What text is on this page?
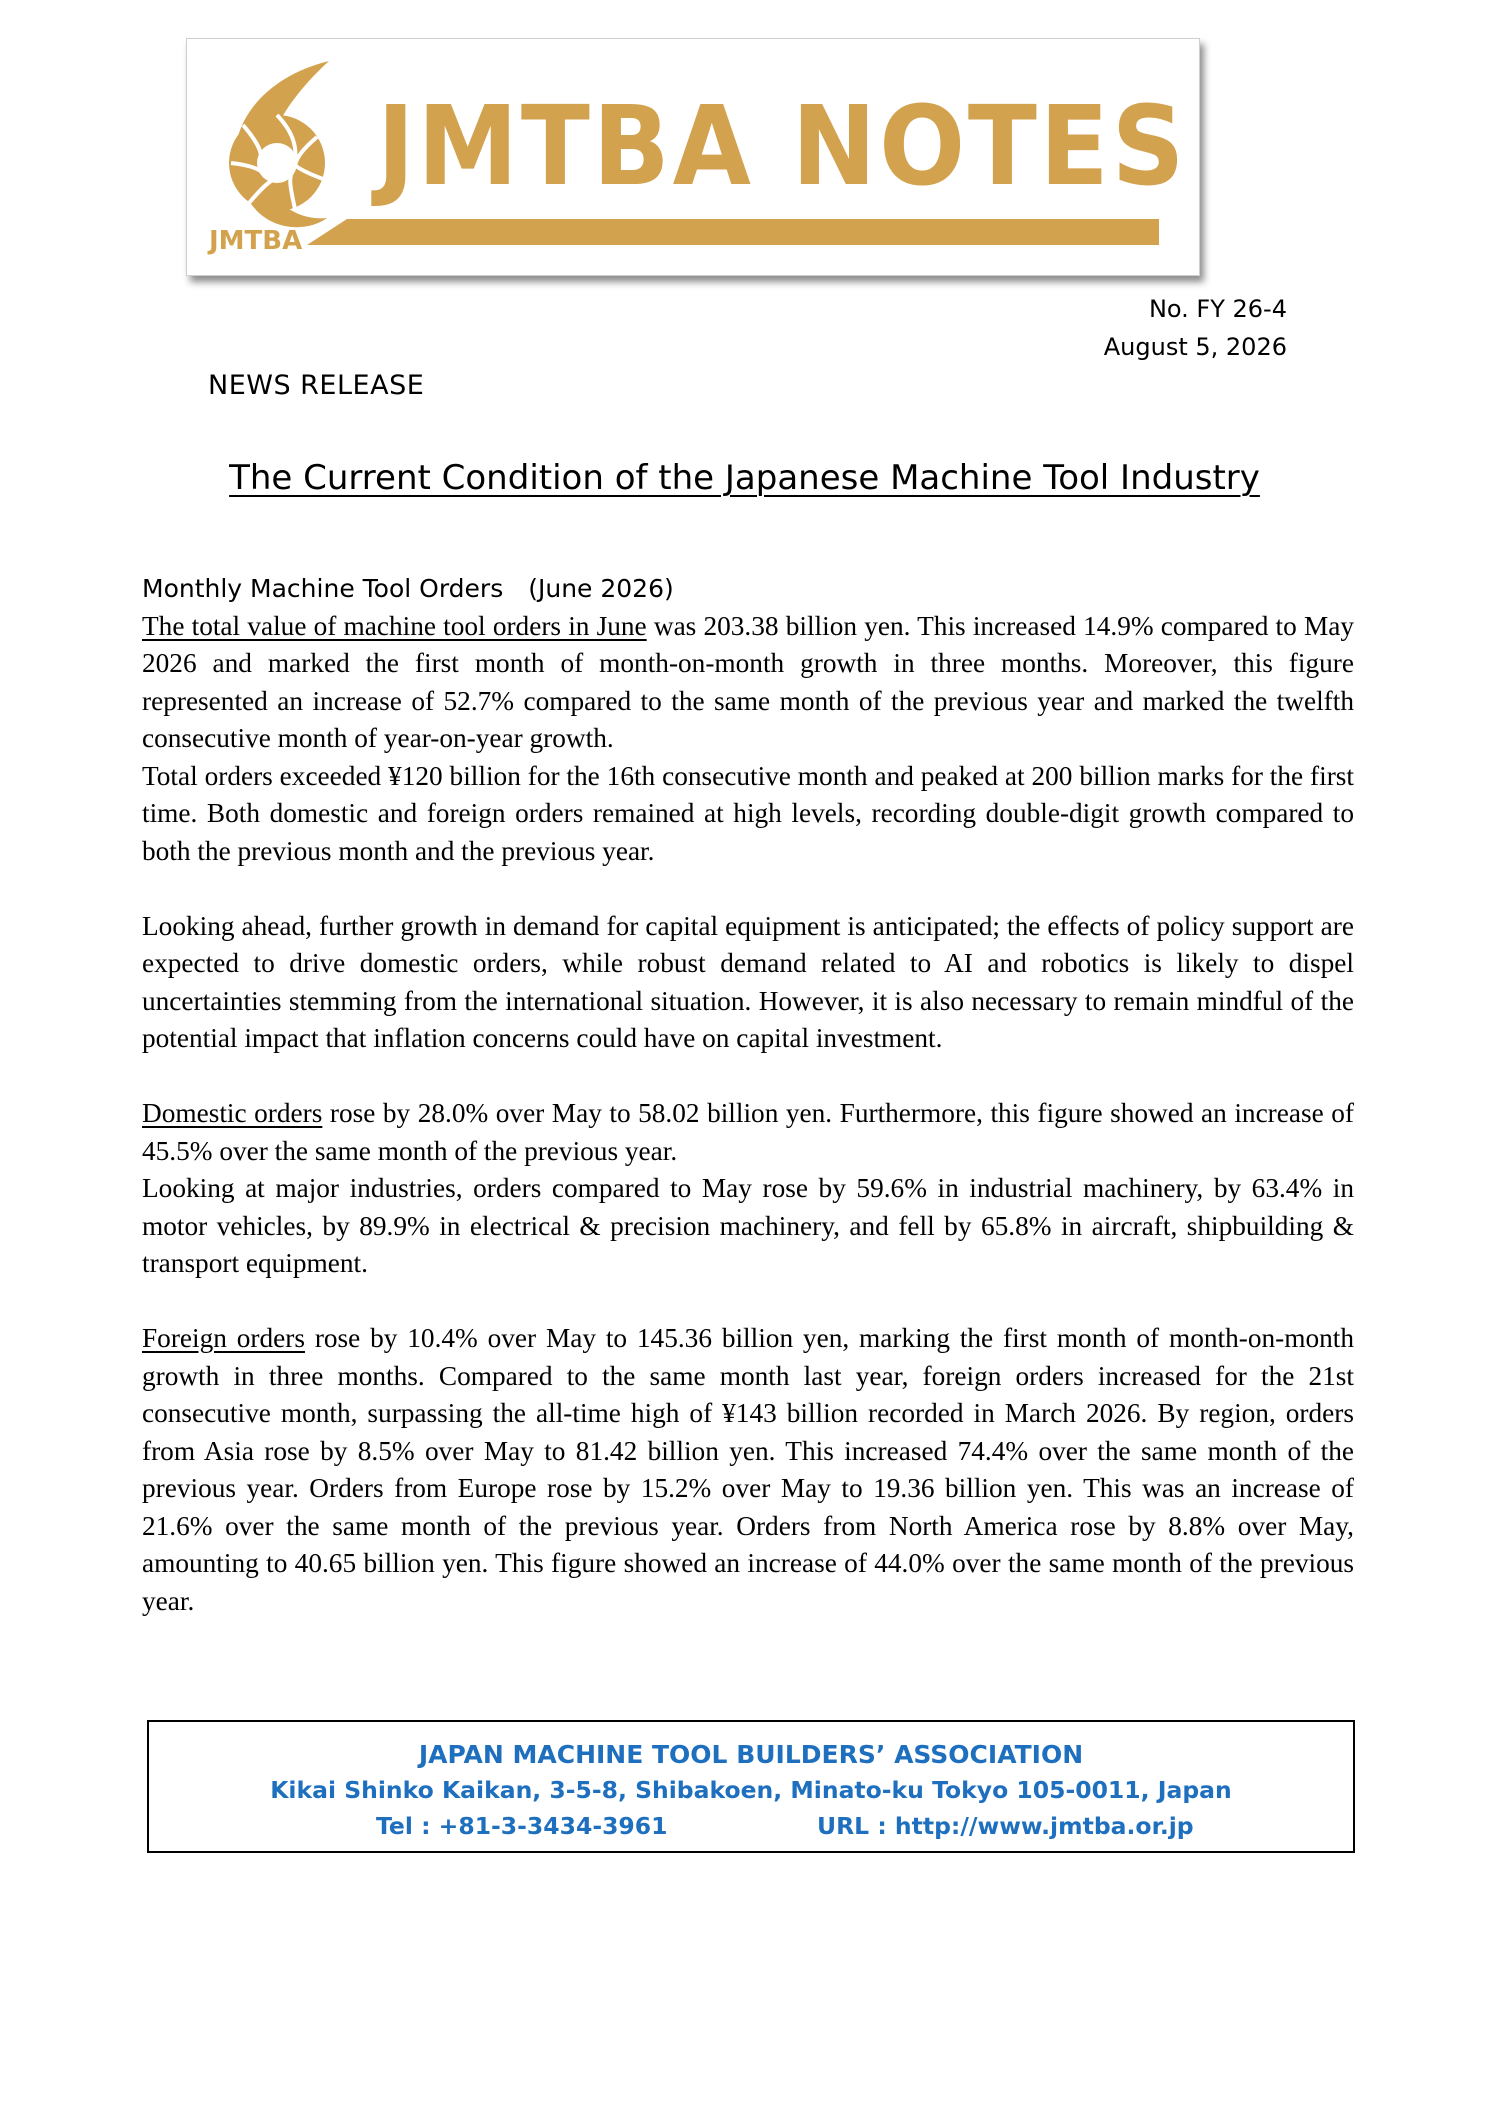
JMTBA
JMTBA NOTES
NEWS RELEASE
No. FY 26-4
August 5, 2026
The Current Condition of the Japanese Machine Tool Industry
Monthly Machine Tool Orders　(June 2026)

The total value of machine tool orders in June was 203.38 billion yen. This increased 14.9% compared to May 2026 and marked the first month of month-on-month growth in three months. Moreover, this figure represented an increase of 52.7% compared to the same month of the previous year and marked the twelfth consecutive month of year-on-year growth.

Total orders exceeded ¥120 billion for the 16th consecutive month and peaked at 200 billion marks for the first time. Both domestic and foreign orders remained at high levels, recording double-digit growth compared to both the previous month and the previous year.

Looking ahead, further growth in demand for capital equipment is anticipated; the effects of policy support are expected to drive domestic orders, while robust demand related to AI and robotics is likely to dispel uncertainties stemming from the international situation. However, it is also necessary to remain mindful of the potential impact that inflation concerns could have on capital investment.

Domestic orders rose by 28.0% over May to 58.02 billion yen. Furthermore, this figure showed an increase of 45.5% over the same month of the previous year.

Looking at major industries, orders compared to May rose by 59.6% in industrial machinery, by 63.4% in motor vehicles, by 89.9% in electrical & precision machinery, and fell by 65.8% in aircraft, shipbuilding & transport equipment.

Foreign orders rose by 10.4% over May to 145.36 billion yen, marking the first month of month-on-month growth in three months. Compared to the same month last year, foreign orders increased for the 21st consecutive month, surpassing the all-time high of ¥143 billion recorded in March 2026. By region, orders from Asia rose by 8.5% over May to 81.42 billion yen. This increased 74.4% over the same month of the previous year. Orders from Europe rose by 15.2% over May to 19.36 billion yen. This was an increase of 21.6% over the same month of the previous year. Orders from North America rose by 8.8% over May, amounting to 40.65 billion yen. This figure showed an increase of 44.0% over the same month of the previous year.

JAPAN MACHINE TOOL BUILDERS’ ASSOCIATION
Kikai Shinko Kaikan, 3-5-8, Shibakoen, Minato-ku Tokyo 105-0011, Japan
Tel : +81-3-3434-3961	URL : http://www.jmtba.or.jp
